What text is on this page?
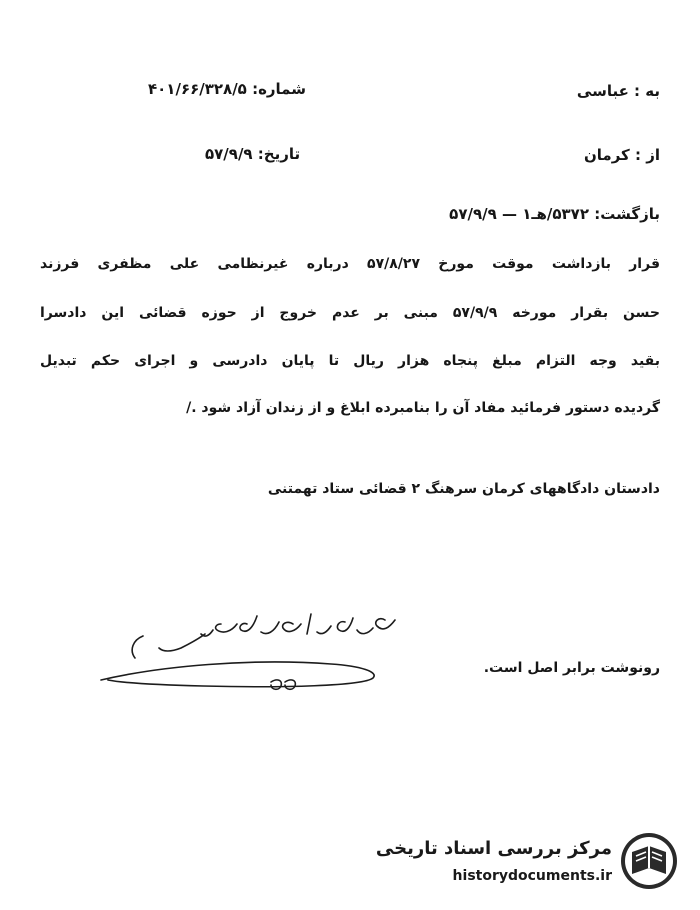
به : عباسی
شماره: ۴۰۱/۶۶/۳۲۸/۵
از : کرمان
تاریخ: ۵۷/۹/۹
بازگشت: ۵۳۷۲/هـ۱ — ۵۷/۹/۹
قرار بازداشت موقت مورخ ۵۷/۸/۲۷ درباره غیرنظامی علی مظفری فرزند
حسن بقرار مورخه ۵۷/۹/۹ مبنی بر عدم خروج از حوزه قضائی این دادسرا
بقید وجه التزام مبلغ پنجاه هزار ریال تا پایان دادرسی و اجرای حکم تبدیل
گردیده دستور فرمائید مفاد آن را بنامبرده ابلاغ و از زندان آزاد شود ./
دادستان دادگاههای کرمان سرهنگ ۲ قضائی ستاد تهمتنی
رونوشت برابر اصل است.
مرکز بررسی اسناد تاریخی
historydocuments.ir
